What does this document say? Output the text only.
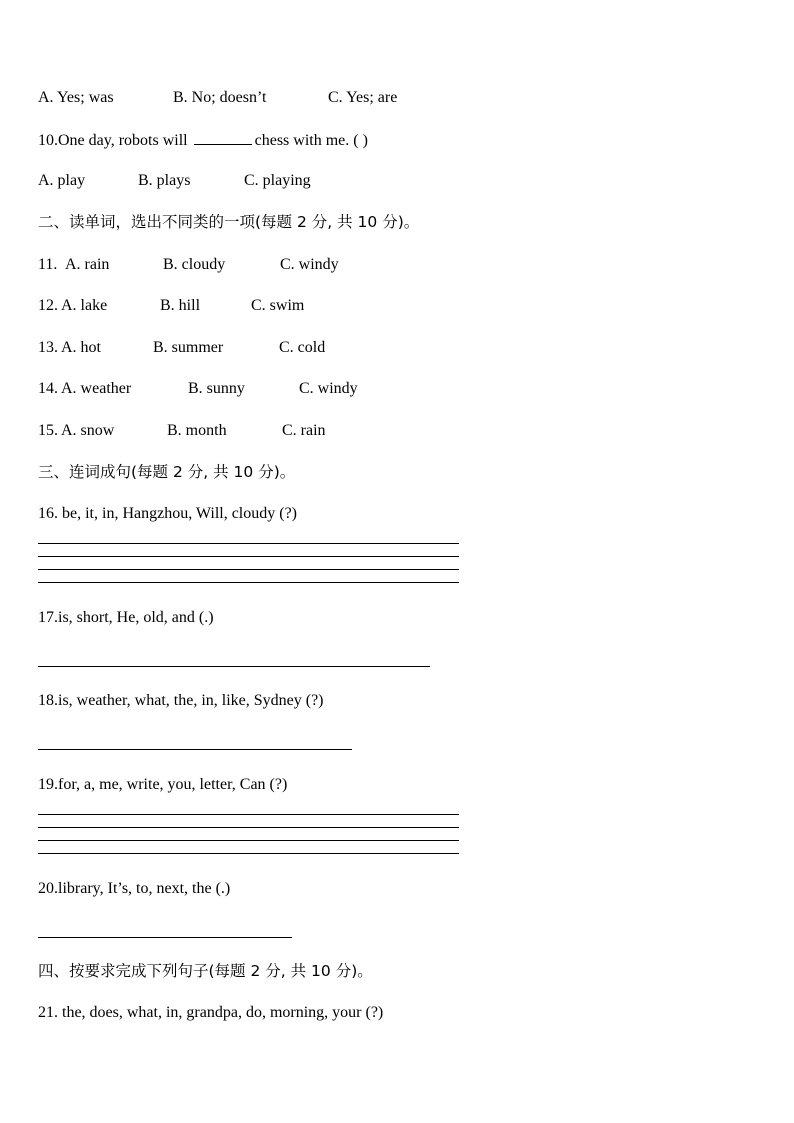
A. Yes; was	B. No; doesn’t	C. Yes; are
10.One day, robots will	chess with me. ( )
A. play	B. plays	C. playing
二、读单词，选出不同类的一项(每题 2 分, 共 10 分)。
11. A. rain	B. cloudy	C. windy
12. A. lake	B. hill	C. swim
13. A. hot	B. summer	C. cold
14. A. weather	B. sunny	C. windy
15. A. snow	B. month	C. rain
三、连词成句(每题 2 分, 共 10 分)。
16. be, it, in, Hangzhou, Will, cloudy (?)
17.is, short, He, old, and (.)
18.is, weather, what, the, in, like, Sydney (?)
19.for, a, me, write, you, letter, Can (?)
20.library, It’s, to, next, the (.)
四、按要求完成下列句子(每题 2 分, 共 10 分)。
21. the, does, what, in, grandpa, do, morning, your (?)
